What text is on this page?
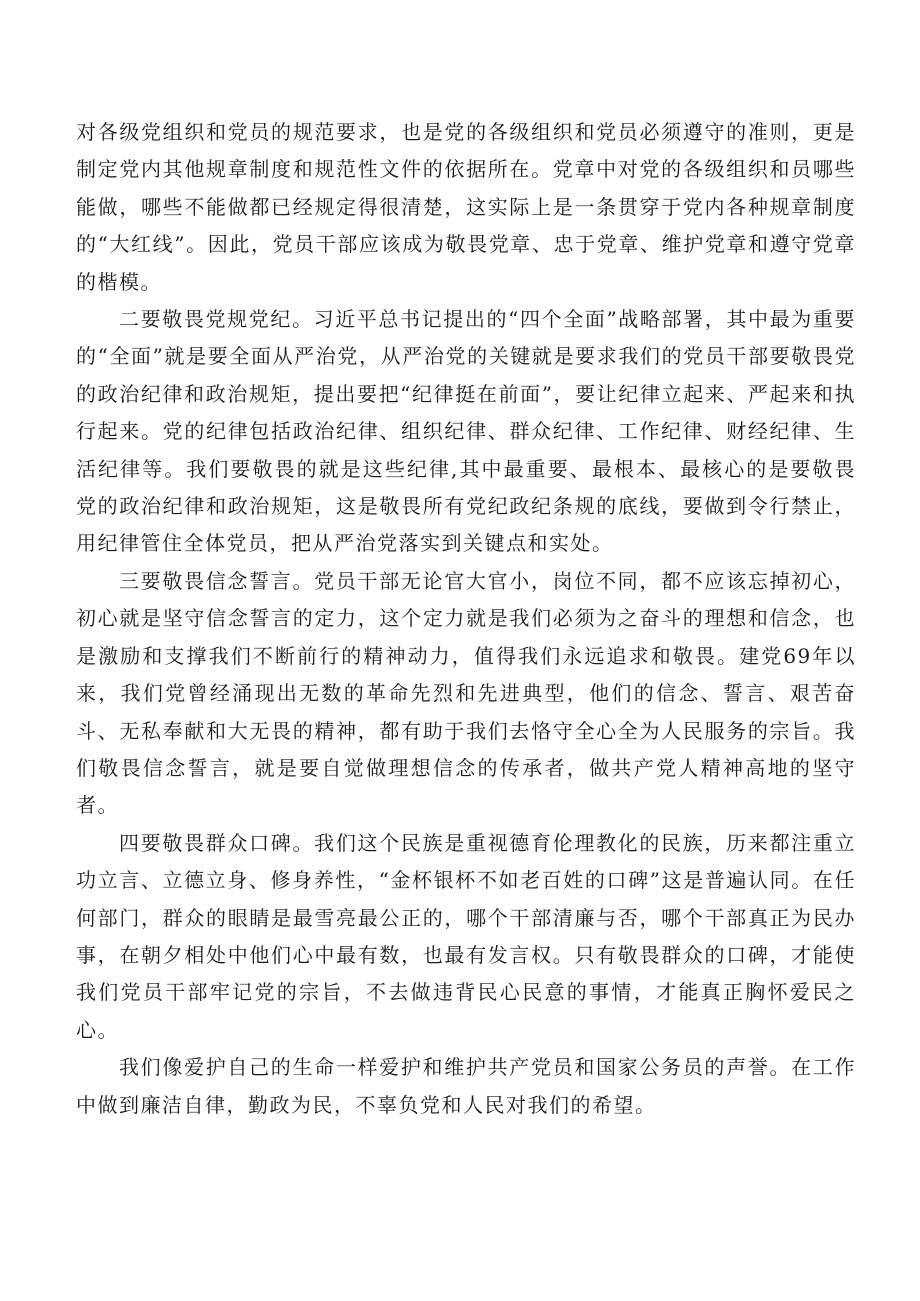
对各级党组织和党员的规范要求，也是党的各级组织和党员必须遵守的准则，更是制定党内其他规章制度和规范性文件的依据所在。党章中对党的各级组织和员哪些能做，哪些不能做都已经规定得很清楚，这实际上是一条贯穿于党内各种规章制度的“大红线”。因此，党员干部应该成为敬畏党章、忠于党章、维护党章和遵守党章的楷模。

二要敬畏党规党纪。习近平总书记提出的“四个全面”战略部署，其中最为重要的“全面”就是要全面从严治党，从严治党的关键就是要求我们的党员干部要敬畏党的政治纪律和政治规矩，提出要把“纪律挺在前面”，要让纪律立起来、严起来和执行起来。党的纪律包括政治纪律、组织纪律、群众纪律、工作纪律、财经纪律、生活纪律等。我们要敬畏的就是这些纪律,其中最重要、最根本、最核心的是要敬畏党的政治纪律和政治规矩，这是敬畏所有党纪政纪条规的底线，要做到令行禁止，用纪律管住全体党员，把从严治党落实到关键点和实处。

三要敬畏信念誓言。党员干部无论官大官小，岗位不同，都不应该忘掉初心，初心就是坚守信念誓言的定力，这个定力就是我们必须为之奋斗的理想和信念，也是激励和支撑我们不断前行的精神动力，值得我们永远追求和敬畏。建党69年以来，我们党曾经涌现出无数的革命先烈和先进典型，他们的信念、誓言、艰苦奋斗、无私奉献和大无畏的精神，都有助于我们去恪守全心全为人民服务的宗旨。我们敬畏信念誓言，就是要自觉做理想信念的传承者，做共产党人精神高地的坚守者。

四要敬畏群众口碑。我们这个民族是重视德育伦理教化的民族，历来都注重立功立言、立德立身、修身养性，“金杯银杯不如老百姓的口碑”这是普遍认同。在任何部门，群众的眼睛是最雪亮最公正的，哪个干部清廉与否，哪个干部真正为民办事，在朝夕相处中他们心中最有数，也最有发言权。只有敬畏群众的口碑，才能使我们党员干部牢记党的宗旨，不去做违背民心民意的事情，才能真正胸怀爱民之心。

我们像爱护自己的生命一样爱护和维护共产党员和国家公务员的声誉。在工作中做到廉洁自律，勤政为民，不辜负党和人民对我们的希望。
